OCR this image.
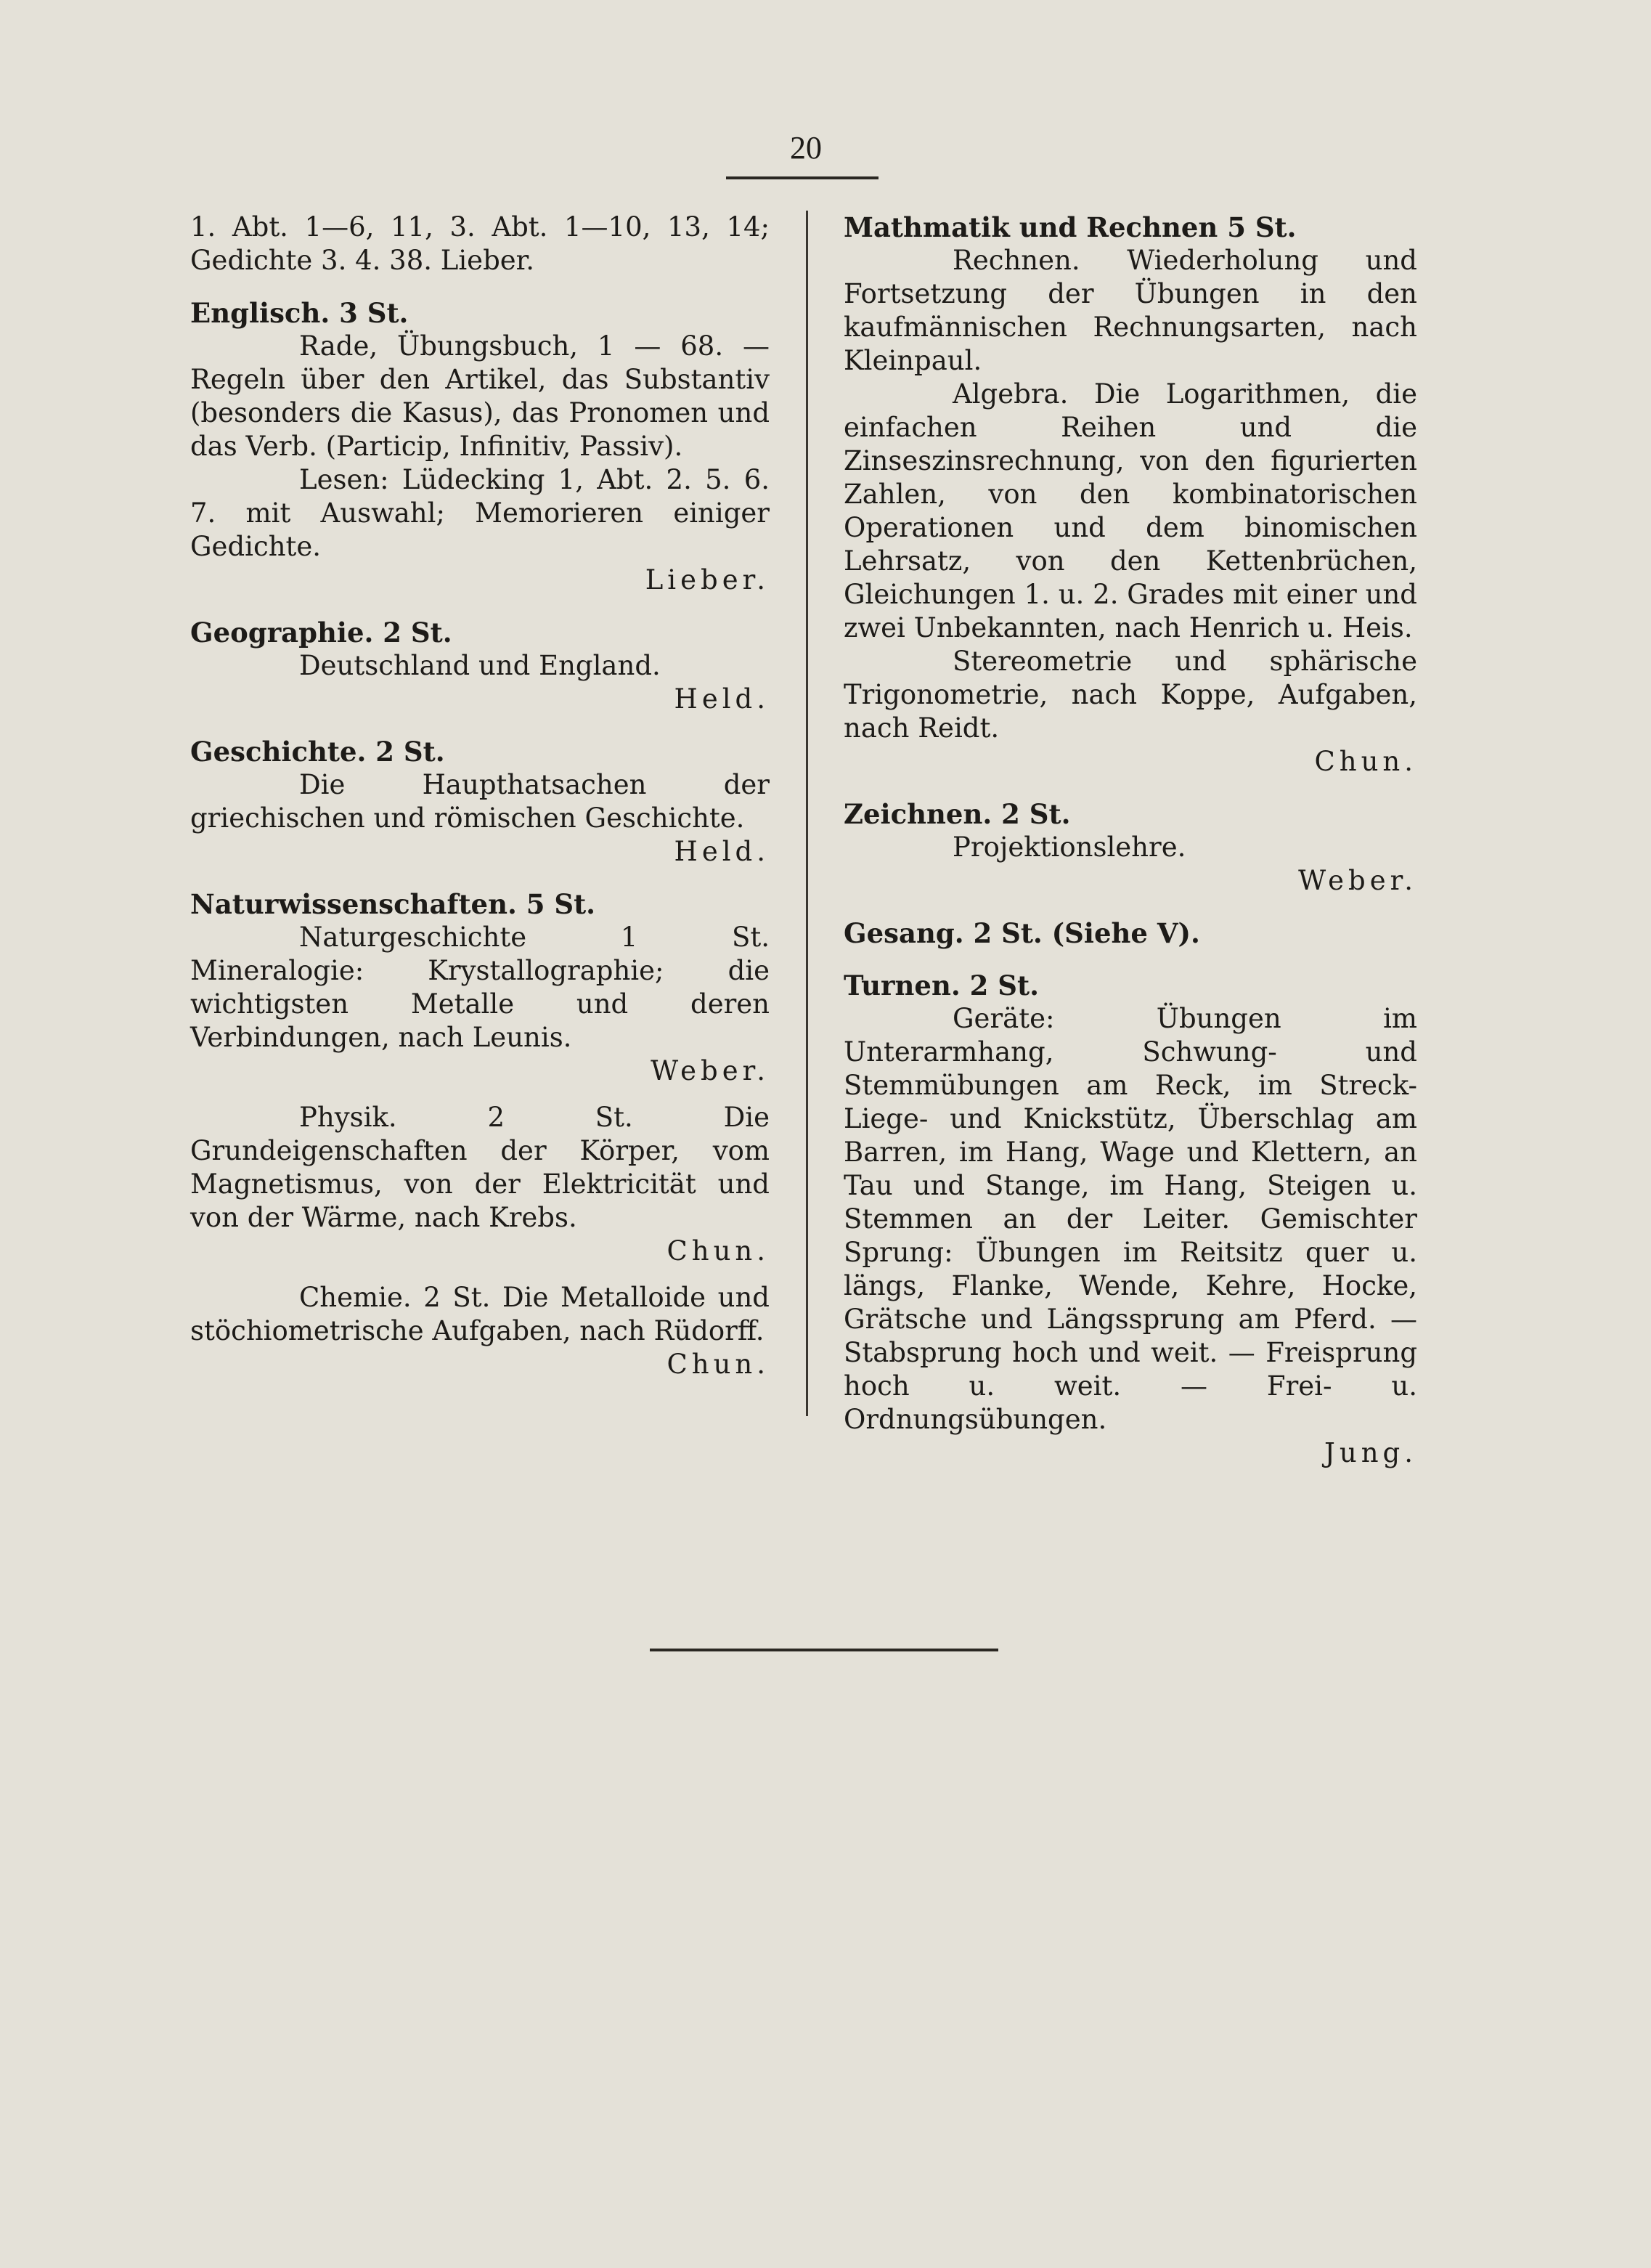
20

1. Abt. 1—6, 11, 3. Abt. 1—10, 13, 14; Gedichte 3. 4. 38. Lieber.

Englisch. 3 St.

Rade, Übungsbuch, 1 — 68. — Regeln über den Artikel, das Substantiv (besonders die Kasus), das Pronomen und das Verb. (Particip, Infinitiv, Passiv).

Lesen: Lüdecking 1, Abt. 2. 5. 6. 7. mit Auswahl; Memorieren einiger Gedichte.

Lieber.

Geographie. 2 St.

Deutschland und England.

Held.

Geschichte. 2 St.

Die Haupthatsachen der griechischen und römischen Geschichte.

Held.

Naturwissenschaften. 5 St.

Naturgeschichte 1 St. Mineralogie: Krystallographie; die wichtigsten Metalle und deren Verbindungen, nach Leunis.

Weber.

Physik. 2 St. Die Grundeigenschaften der Körper, vom Magnetismus, von der Elektricität und von der Wärme, nach Krebs.

Chun.

Chemie. 2 St. Die Metalloide und stöchiometrische Aufgaben, nach Rüdorff.

Chun.

Mathmatik und Rechnen 5 St.

Rechnen. Wiederholung und Fortsetzung der Übungen in den kaufmännischen Rechnungsarten, nach Kleinpaul.

Algebra. Die Logarithmen, die einfachen Reihen und die Zinseszinsrechnung, von den figurierten Zahlen, von den kombinatorischen Operationen und dem binomischen Lehrsatz, von den Kettenbrüchen, Gleichungen 1. u. 2. Grades mit einer und zwei Unbekannten, nach Henrich u. Heis.

Stereometrie und sphärische Trigonometrie, nach Koppe, Aufgaben, nach Reidt.

Chun.

Zeichnen. 2 St.

Projektionslehre.

Weber.

Gesang. 2 St. (Siehe V).

Turnen. 2 St.

Geräte: Übungen im Unterarmhang, Schwung- und Stemmübungen am Reck, im Streck-Liege- und Knickstütz, Überschlag am Barren, im Hang, Wage und Klettern, an Tau und Stange, im Hang, Steigen u. Stemmen an der Leiter. Gemischter Sprung: Übungen im Reitsitz quer u. längs, Flanke, Wende, Kehre, Hocke, Grätsche und Längssprung am Pferd. — Stabsprung hoch und weit. — Freisprung hoch u. weit. — Frei- u. Ordnungsübungen.

Jung.
